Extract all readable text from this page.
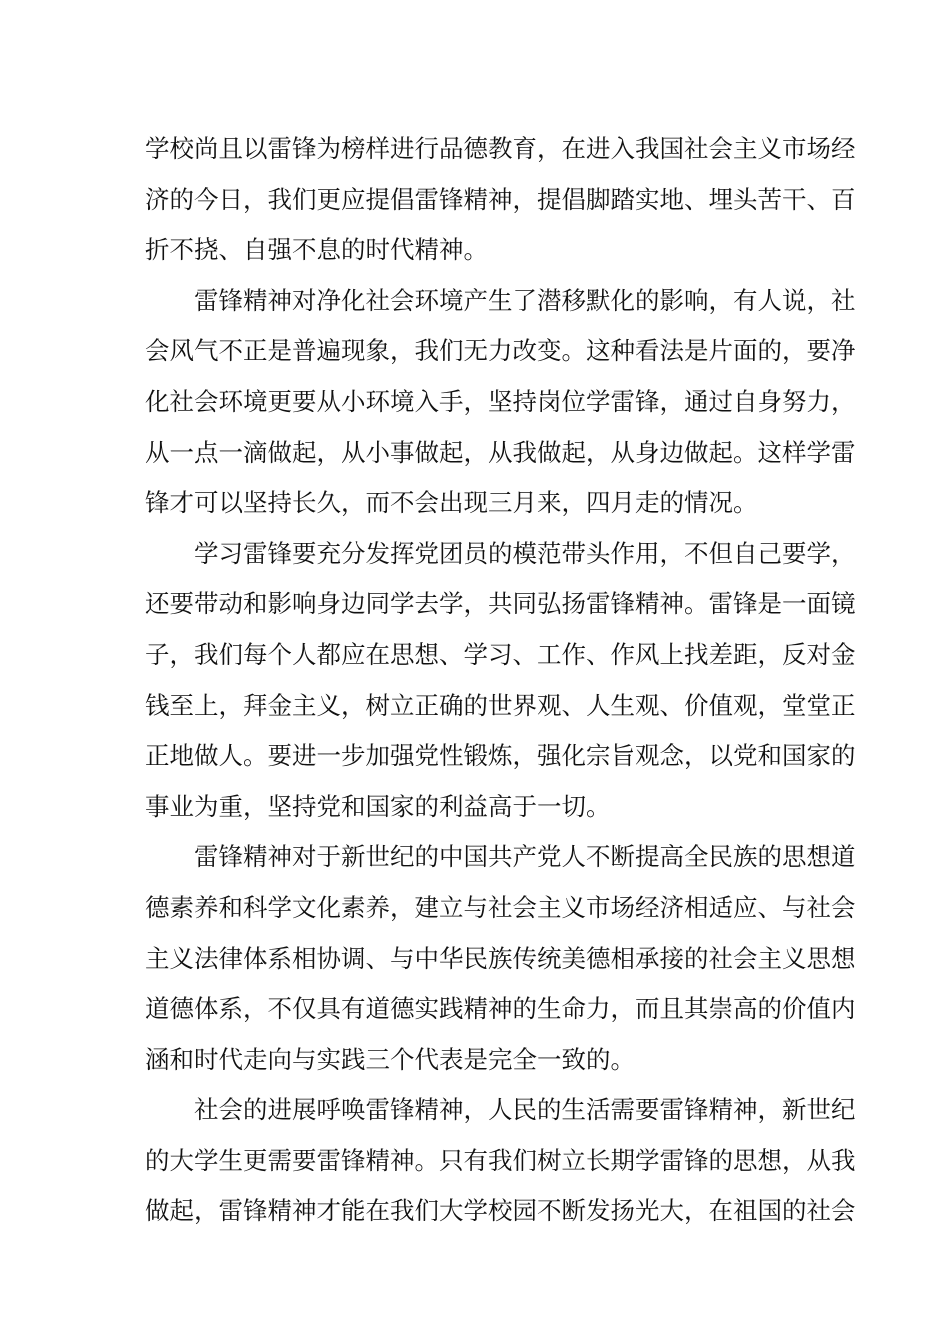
学校尚且以雷锋为榜样进行品德教育，在进入我国社会主义市场经
济的今日，我们更应提倡雷锋精神，提倡脚踏实地、埋头苦干、百
折不挠、自强不息的时代精神。
雷锋精神对净化社会环境产生了潜移默化的影响，有人说，社
会风气不正是普遍现象，我们无力改变。这种看法是片面的，要净
化社会环境更要从小环境入手，坚持岗位学雷锋，通过自身努力，
从一点一滴做起，从小事做起，从我做起，从身边做起。这样学雷
锋才可以坚持长久，而不会出现三月来，四月走的情况。
学习雷锋要充分发挥党团员的模范带头作用，不但自己要学，
还要带动和影响身边同学去学，共同弘扬雷锋精神。雷锋是一面镜
子，我们每个人都应在思想、学习、工作、作风上找差距，反对金
钱至上，拜金主义，树立正确的世界观、人生观、价值观，堂堂正
正地做人。要进一步加强党性锻炼，强化宗旨观念，以党和国家的
事业为重，坚持党和国家的利益高于一切。
雷锋精神对于新世纪的中国共产党人不断提高全民族的思想道
德素养和科学文化素养，建立与社会主义市场经济相适应、与社会
主义法律体系相协调、与中华民族传统美德相承接的社会主义思想
道德体系，不仅具有道德实践精神的生命力，而且其崇高的价值内
涵和时代走向与实践三个代表是完全一致的。
社会的进展呼唤雷锋精神，人民的生活需要雷锋精神，新世纪
的大学生更需要雷锋精神。只有我们树立长期学雷锋的思想，从我
做起，雷锋精神才能在我们大学校园不断发扬光大，在祖国的社会
